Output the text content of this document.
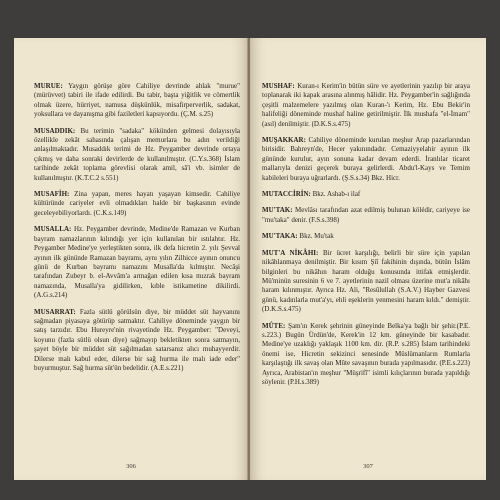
MURUE: Yaygın görüşe göre Cahiliye devrinde ahlak "murue" (mürüvvet) tabiri ile ifade edilirdi. Bu tabir, başta yiğitlik ve cömertlik olmak üzere, hürriyet, namusa düşkünlük, misafirperverlik, sadakat, yoksullara ve dayanışma gibi faziletleri kapsıyordu. (Ç.M. s.25)

MUSADDIK: Bu terimin "sadaka" kökünden gelmesi dolayısıyla özellikle zekât sahasında çalışan memurlara bu adın verildiği anlaşılmaktadır. Musaddık terimi de Hz. Peygamber devrinde ortaya çıkmış ve daha sonraki devirlerde de kullanılmıştır. (C.Y.s.368) İslam tarihinde zekât toplama görevlisi olarak amil, sâ'i vb. isimler de kullanılmıştır. (K.T.C.2 s.551)

MUSAFİH: Zina yapan, meres hayatı yaşayan kimsedir. Cahiliye kültüründe cariyeler evli olmadıkları halde bir başkasının evinde geceleyebiliyorlardı. (C.K.s.149)

MUSALLA: Hz. Peygamber devrinde, Medine'de Ramazan ve Kurban bayram namazlarının kılındığı yer için kullanılan bir ıstılahtır. Hz. Peygamber Medine'ye yerleştikten sonra, ilk defa hicretin 2. yılı Şevval ayının ilk gününde Ramazan bayramı, aynı yılın Zilhicce ayının onuncu günü de Kurban bayramı namazını Musalla'da kılmıştır. Necâşi tarafından Zubeyr b. el-Avvâm'a armağan edilen kısa mızrak bayram namazında, Musalla'ya gidilirken, kıble istikametine dikilirdi. (A.G.s.214)

MUSARRAT: Fazla sütlü görülsün diye, bir müddet süt hayvanını sağmadan piyasaya götürüp satmaktır. Cahiliye döneminde yaygın bir satış tarzıdır. Ebu Hureyre'nin rivayetinde Hz. Peygamber: "Deveyi, koyunu (fazla sütlü olsun diye) sağmayıp bekletikten sonra satmayın, şayet böyle bir müddet süt sağılmadan satarsanız alıcı muhayyerdir. Dilerse malı kabul eder, dilerse bir sağ hurma ile malı iade eder" buyurmuştur. Sağ hurma süt'ün bedelidir. (A.E.s.221)

306

MUSHAF: Kuran-ı Kerim'in bütün süre ve ayetlerinin yazılıp bir araya toplanarak iki kapak arasına alınmış hâlidir. Hz. Peygamber'in sağlığında çeşitli malzemelere yazılmış olan Kuran-'ı Kerim, Hz. Ebu Bekir'in halifeliği döneminde mushaf haline getirilmiştir. İlk mushafa "el-İmam" (asıl) denilmiştir. (D.K.S.s.475)

MUŞAKKAR: Cahiliye döneminde kurulan meşhur Arap pazarlarından birisidir. Bahreyn'de, Hecer yakınındadır. Cemaziyyelahir ayının ilk gününde kurulur, ayın sonuna kadar devam ederdi. İranlılar ticaret mallarıyla denizi geçerek buraya gelirlerdi. Abdu'l-Kays ve Temim kabileleri buraya uğrarlardı. (Ş.S.s.34) Bkz. Hicr.

MUTACCİRİN: Bkz. Ashab-ı ilaf

MU'TAK: Mevlâsı tarafından azat edilmiş bulunan kölédir, cariyeye ise "mu'taka" denir. (F.S.s.398)

MU'TAKA: Bkz. Mu'tak

MUT'A NİKÂHI: Bir ücret karşılığı, belirli bir süre için yapılan nikâhlanmaya denilmiştir. Bir kısım Şiî fakihinin dışında, bütün İslâm bilginleri bu nikâhın haram olduğu konusunda ittifak etmişlerdir. Mü'minün suresinin 6 ve 7. ayetlerinin nazil olması üzerine mut'a nikâhı haram kılınmıştır. Ayrıca Hz. Ali, "Resûlullah (S.A.V.) Hayber Gazvesi günü, kadınlarla mut'a'yı, ehli eşeklerin yenmesini haram kıldı." demiştir. (D.K.S.s.475)

MÛTE: Şam'ın Kerek şehrinin güneyinde Belka'ya bağlı bir şehir.(P.E. s.223.) Bugün Ürdün'de, Kerek'in 12 km. güneyinde bir kasabadır. Medine'ye uzaklığı yaklaşık 1100 km. dir. (R.P. s.285) İslam tarihindeki önemi ise, Hicretin sekizinci senesinde Müslümanların Rumlarla karşılaştığı ilk savaş olan Mûte savaşının burada yapılmasıdır. (P.E.s.223) Ayrıca, Arabistan'ın meşhur "Müşrifî" isimli kılıçlarının burada yapıldığı söylenir. (P.H.s.389)

307
